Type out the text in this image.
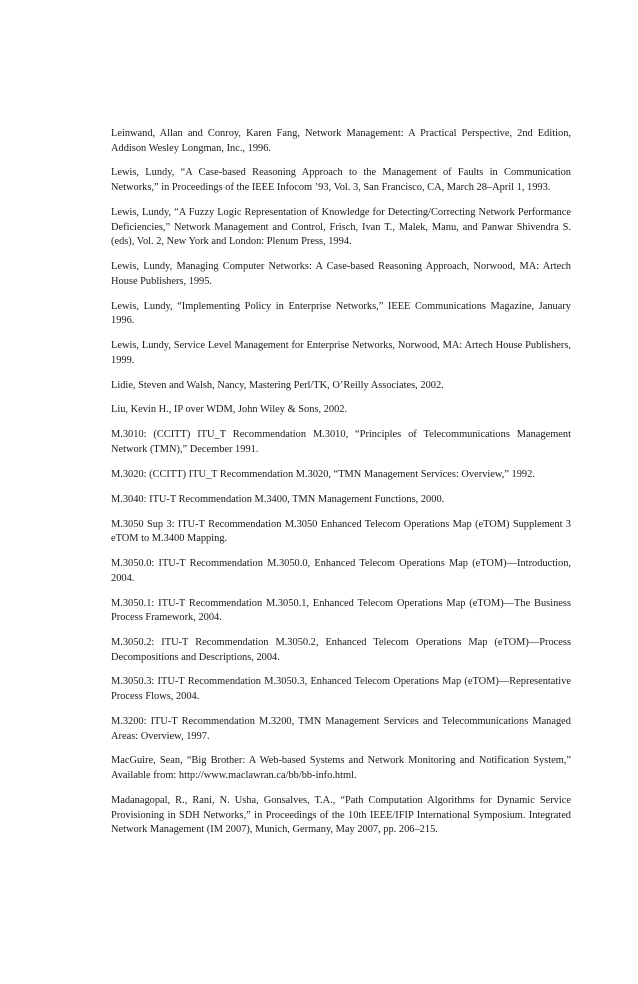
Leinwand, Allan and Conroy, Karen Fang, Network Management: A Practical Perspective, 2nd Edition, Addison Wesley Longman, Inc., 1996.
Lewis, Lundy, “A Case-based Reasoning Approach to the Management of Faults in Communication Networks,” in Proceedings of the IEEE Infocom ’93, Vol. 3, San Francisco, CA, March 28–April 1, 1993.
Lewis, Lundy, “A Fuzzy Logic Representation of Knowledge for Detecting/Correcting Network Performance Deficiencies,” Network Management and Control, Frisch, Ivan T., Malek, Manu, and Panwar Shivendra S. (eds), Vol. 2, New York and London: Plenum Press, 1994.
Lewis, Lundy, Managing Computer Networks: A Case-based Reasoning Approach, Norwood, MA: Artech House Publishers, 1995.
Lewis, Lundy, “Implementing Policy in Enterprise Networks,” IEEE Communications Magazine, January 1996.
Lewis, Lundy, Service Level Management for Enterprise Networks, Norwood, MA: Artech House Publishers, 1999.
Lidie, Steven and Walsh, Nancy, Mastering Perl/TK, O’Reilly Associates, 2002.
Liu, Kevin H., IP over WDM, John Wiley & Sons, 2002.
M.3010: (CCITT) ITU_T Recommendation M.3010, “Principles of Telecommunications Management Network (TMN),” December 1991.
M.3020: (CCITT) ITU_T Recommendation M.3020, “TMN Management Services: Overview,” 1992.
M.3040: ITU-T Recommendation M.3400, TMN Management Functions, 2000.
M.3050 Sup 3: ITU-T Recommendation M.3050 Enhanced Telecom Operations Map (eTOM) Supplement 3 eTOM to M.3400 Mapping.
M.3050.0: ITU-T Recommendation M.3050.0, Enhanced Telecom Operations Map (eTOM)—Introduction, 2004.
M.3050.1: ITU-T Recommendation M.3050.1, Enhanced Telecom Operations Map (eTOM)—The Business Process Framework, 2004.
M.3050.2: ITU-T Recommendation M.3050.2, Enhanced Telecom Operations Map (eTOM)—Process Decompositions and Descriptions, 2004.
M.3050.3: ITU-T Recommendation M.3050.3, Enhanced Telecom Operations Map (eTOM)—Representative Process Flows, 2004.
M.3200: ITU-T Recommendation M.3200, TMN Management Services and Telecommunications Managed Areas: Overview, 1997.
MacGuire, Sean, “Big Brother: A Web-based Systems and Network Monitoring and Notification System,” Available from: http://www.maclawran.ca/bb/bb-info.html.
Madanagopal, R., Rani, N. Usha, Gonsalves, T.A., “Path Computation Algorithms for Dynamic Service Provisioning in SDH Networks,” in Proceedings of the 10th IEEE/IFIP International Symposium. Integrated Network Management (IM 2007), Munich, Germany, May 2007, pp. 206–215.
